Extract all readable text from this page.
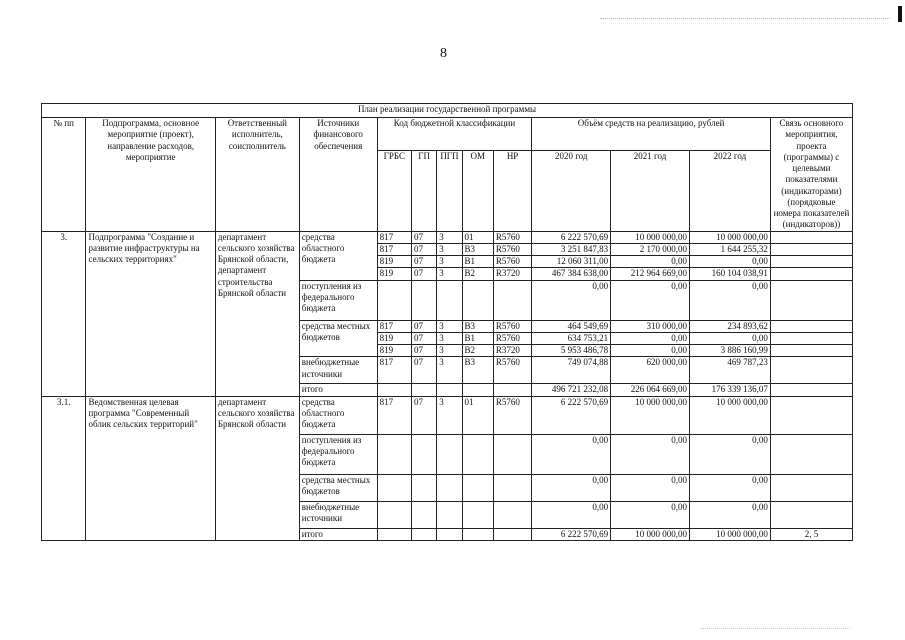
8
План реализации государственной программы												
№ пп	Подпрограмма, основное мероприятие (проект), направление расходов, мероприятие	Ответственный исполнитель, соисполнитель	Источники финансового обеспечения	Код бюджетной классификации					Объём средств на реализацию, рублей			Связь основного мероприятия, проекта (программы) с целевыми показателями (индикаторами) (порядковые номера показателей (индикаторов))
				ГРБС	ГП	ПГП	ОМ	НР	2020 год	2021 год	2022 год	
3.	Подпрограмма "Создание и развитие инфраструктуры на сельских территориях"	департамент сельского хозяйства Брянской области, департамент строительства Брянской области	средства областного бюджета	817	07	3	01	R5760	6 222 570,69	10 000 000,00	10 000 000,00	
				817	07	3	В3	R5760	3 251 847,83	2 170 000,00	1 644 255,32	
				819	07	3	В1	R5760	12 060 311,00	0,00	0,00	
				819	07	3	В2	R3720	467 384 638,00	212 964 669,00	160 104 038,91	
			поступления из федерального бюджета						0,00	0,00	0,00	
			средства местных бюджетов	817	07	3	В3	R5760	464 549,69	310 000,00	234 893,62	
				819	07	3	В1	R5760	634 753,21	0,00	0,00	
				819	07	3	В2	R3720	5 953 486,78	0,00	3 886 160,99	
			внебюджетные источники	817	07	3	В3	R5760	749 074,88	620 000,00	469 787,23	
			итого						496 721 232,08	226 064 669,00	176 339 136,07	
3.1.	Ведомственная целевая программа "Современный облик сельских территорий"	департамент сельского хозяйства Брянской области	средства областного бюджета	817	07	3	01	R5760	6 222 570,69	10 000 000,00	10 000 000,00	
			поступления из федерального бюджета						0,00	0,00	0,00	
			средства местных бюджетов						0,00	0,00	0,00	
			внебюджетные источники						0,00	0,00	0,00	
			итого						6 222 570,69	10 000 000,00	10 000 000,00	2, 5
